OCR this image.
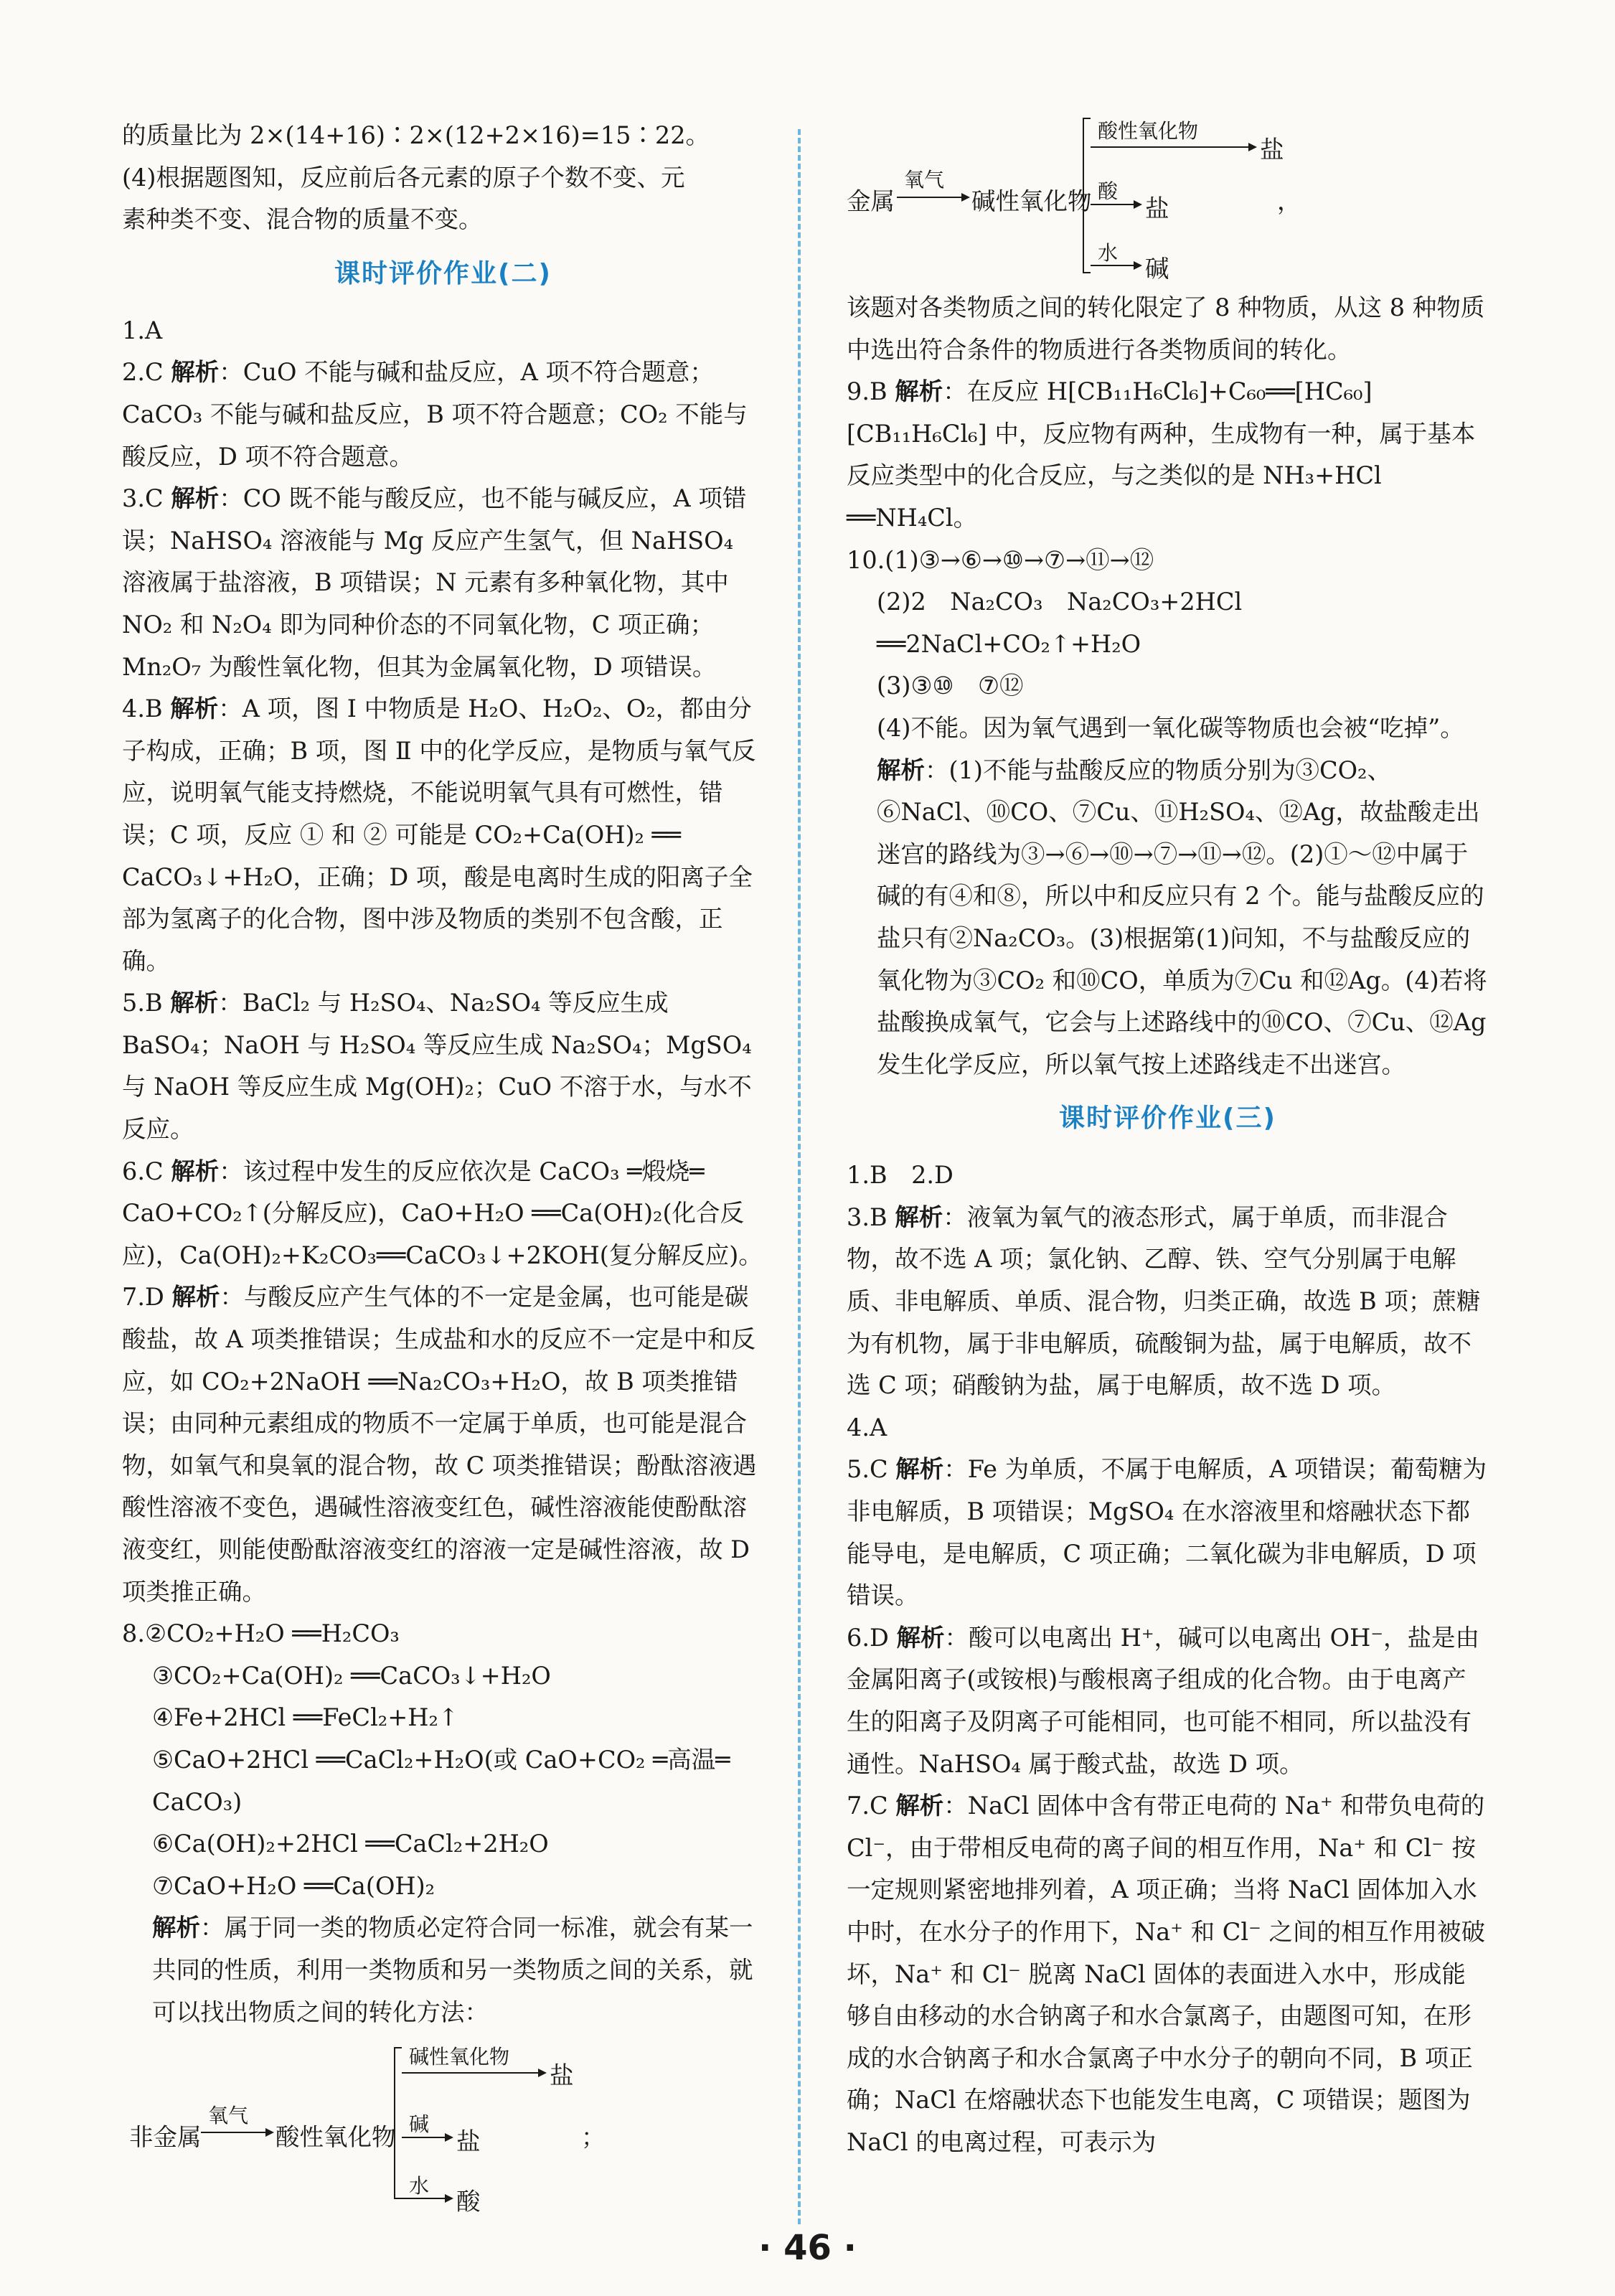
的质量比为 2×(14+16)∶2×(12+2×16)=15∶22。

(4)根据题图知，反应前后各元素的原子个数不变、元

素种类不变、混合物的质量不变。

课时评价作业(二)

1.A

2.C 解析：CuO 不能与碱和盐反应，A 项不符合题意；CaCO₃ 不能与碱和盐反应，B 项不符合题意；CO₂ 不能与酸反应，D 项不符合题意。

3.C 解析：CO 既不能与酸反应，也不能与碱反应，A 项错误；NaHSO₄ 溶液能与 Mg 反应产生氢气，但 NaHSO₄ 溶液属于盐溶液，B 项错误；N 元素有多种氧化物，其中 NO₂ 和 N₂O₄ 即为同种价态的不同氧化物，C 项正确；Mn₂O₇ 为酸性氧化物，但其为金属氧化物，D 项错误。

4.B 解析：A 项，图 Ⅰ 中物质是 H₂O、H₂O₂、O₂，都由分子构成，正确；B 项，图 Ⅱ 中的化学反应，是物质与氧气反应，说明氧气能支持燃烧，不能说明氧气具有可燃性，错误；C 项，反应 ① 和 ② 可能是 CO₂+Ca(OH)₂ ══ CaCO₃↓+H₂O，正确；D 项，酸是电离时生成的阳离子全部为氢离子的化合物，图中涉及物质的类别不包含酸，正确。

5.B 解析：BaCl₂ 与 H₂SO₄、Na₂SO₄ 等反应生成 BaSO₄；NaOH 与 H₂SO₄ 等反应生成 Na₂SO₄；MgSO₄ 与 NaOH 等反应生成 Mg(OH)₂；CuO 不溶于水，与水不反应。

6.C 解析：该过程中发生的反应依次是 CaCO₃ ═煅烧═ CaO+CO₂↑(分解反应)，CaO+H₂O ══Ca(OH)₂(化合反应)，Ca(OH)₂+K₂CO₃══CaCO₃↓+2KOH(复分解反应)。

7.D 解析：与酸反应产生气体的不一定是金属，也可能是碳酸盐，故 A 项类推错误；生成盐和水的反应不一定是中和反应，如 CO₂+2NaOH ══Na₂CO₃+H₂O，故 B 项类推错误；由同种元素组成的物质不一定属于单质，也可能是混合物，如氧气和臭氧的混合物，故 C 项类推错误；酚酞溶液遇酸性溶液不变色，遇碱性溶液变红色，碱性溶液能使酚酞溶液变红，则能使酚酞溶液变红的溶液一定是碱性溶液，故 D 项类推正确。

8.②CO₂+H₂O ══H₂CO₃

③CO₂+Ca(OH)₂ ══CaCO₃↓+H₂O

④Fe+2HCl ══FeCl₂+H₂↑

⑤CaO+2HCl ══CaCl₂+H₂O(或 CaO+CO₂ ═高温═ CaCO₃)

⑥Ca(OH)₂+2HCl ══CaCl₂+2H₂O

⑦CaO+H₂O ══Ca(OH)₂

解析：属于同一类的物质必定符合同一标准，就会有某一共同的性质，利用一类物质和另一类物质之间的关系，就可以找出物质之间的转化方法：

非金属
氧气
酸性氧化物
碱性氧化物
盐
碱
盐
水
酸
；
金属
氧气
碱性氧化物
酸性氧化物
盐
酸
盐
水
碱
，

该题对各类物质之间的转化限定了 8 种物质，从这 8 种物质中选出符合条件的物质进行各类物质间的转化。

9.B 解析：在反应 H[CB₁₁H₆Cl₆]+C₆₀══[HC₆₀][CB₁₁H₆Cl₆] 中，反应物有两种，生成物有一种，属于基本反应类型中的化合反应，与之类似的是 NH₃+HCl ══NH₄Cl。

10.(1)③→⑥→⑩→⑦→⑪→⑫

(2)2　Na₂CO₃　Na₂CO₃+2HCl ══2NaCl+CO₂↑+H₂O

(3)③⑩　⑦⑫

(4)不能。因为氧气遇到一氧化碳等物质也会被“吃掉”。

解析：(1)不能与盐酸反应的物质分别为③CO₂、⑥NaCl、⑩CO、⑦Cu、⑪H₂SO₄、⑫Ag，故盐酸走出迷宫的路线为③→⑥→⑩→⑦→⑪→⑫。(2)①～⑫中属于碱的有④和⑧，所以中和反应只有 2 个。能与盐酸反应的盐只有②Na₂CO₃。(3)根据第(1)问知，不与盐酸反应的氧化物为③CO₂ 和⑩CO，单质为⑦Cu 和⑫Ag。(4)若将盐酸换成氧气，它会与上述路线中的⑩CO、⑦Cu、⑫Ag 发生化学反应，所以氧气按上述路线走不出迷宫。

课时评价作业(三)

1.B　2.D

3.B 解析：液氧为氧气的液态形式，属于单质，而非混合物，故不选 A 项；氯化钠、乙醇、铁、空气分别属于电解质、非电解质、单质、混合物，归类正确，故选 B 项；蔗糖为有机物，属于非电解质，硫酸铜为盐，属于电解质，故不选 C 项；硝酸钠为盐，属于电解质，故不选 D 项。

4.A

5.C 解析：Fe 为单质，不属于电解质，A 项错误；葡萄糖为非电解质，B 项错误；MgSO₄ 在水溶液里和熔融状态下都能导电，是电解质，C 项正确；二氧化碳为非电解质，D 项错误。

6.D 解析：酸可以电离出 H⁺，碱可以电离出 OH⁻，盐是由金属阳离子(或铵根)与酸根离子组成的化合物。由于电离产生的阳离子及阴离子可能相同，也可能不相同，所以盐没有通性。NaHSO₄ 属于酸式盐，故选 D 项。

7.C 解析：NaCl 固体中含有带正电荷的 Na⁺ 和带负电荷的 Cl⁻，由于带相反电荷的离子间的相互作用，Na⁺ 和 Cl⁻ 按一定规则紧密地排列着，A 项正确；当将 NaCl 固体加入水中时，在水分子的作用下，Na⁺ 和 Cl⁻ 之间的相互作用被破坏，Na⁺ 和 Cl⁻ 脱离 NaCl 固体的表面进入水中，形成能够自由移动的水合钠离子和水合氯离子，由题图可知，在形成的水合钠离子和水合氯离子中水分子的朝向不同，B 项正确；NaCl 在熔融状态下也能发生电离，C 项错误；题图为 NaCl 的电离过程，可表示为

· 46 ·
